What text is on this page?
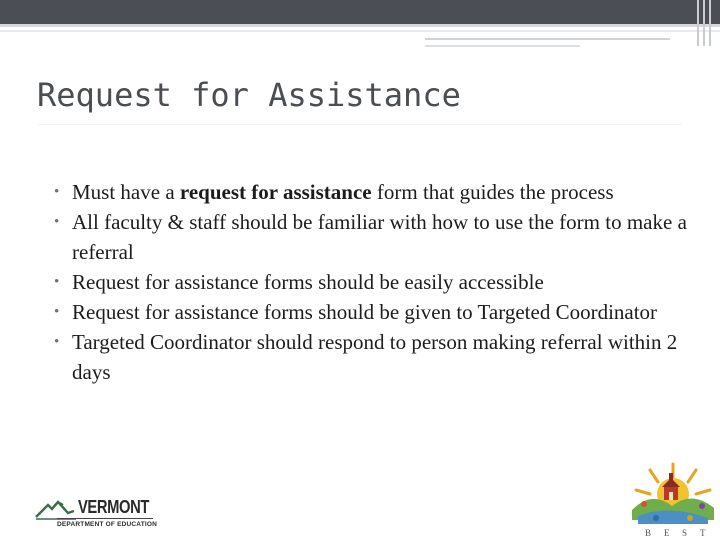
Request for Assistance
• Must have a request for assistance form that guides the process
• All faculty & staff should be familiar with how to use the form to make a referral
• Request for assistance forms should be easily accessible
• Request for assistance forms should be given to Targeted Coordinator
• Targeted Coordinator should respond to person making referral within 2 days
VERMONT
DEPARTMENT OF EDUCATION
B E S T
